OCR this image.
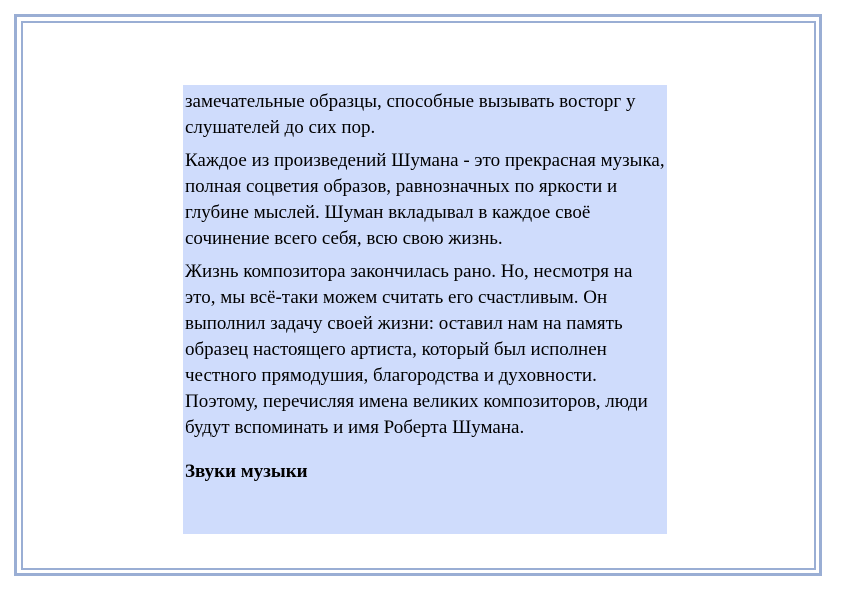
замечательные образцы, способные вызывать восторг у слушателей до сих пор.

Каждое из произведений Шумана - это прекрасная музыка, полная соцветия образов, равнозначных по яркости и глубине мыслей. Шуман вкладывал в каждое своё сочинение всего себя, всю свою жизнь.

Жизнь композитора закончилась рано. Но, несмотря на это, мы всё-таки можем считать его счастливым. Он выполнил задачу своей жизни: оставил нам на память образец настоящего артиста, который был исполнен честного прямодушия, благородства и духовности. Поэтому, перечисляя имена великих композиторов, люди будут вспоминать и имя Роберта Шумана.

Звуки музыки
